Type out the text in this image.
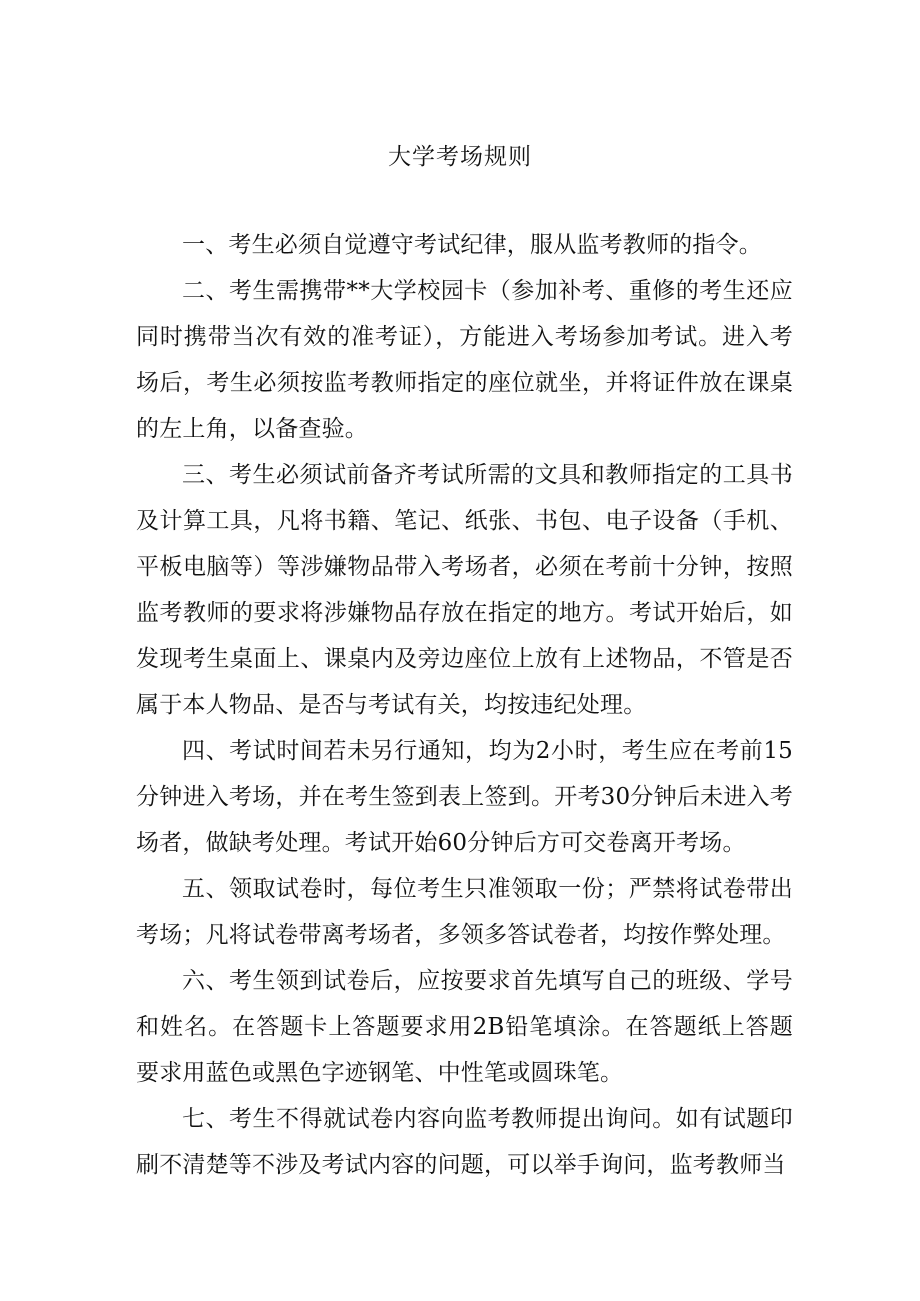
大学考场规则

一、考生必须自觉遵守考试纪律，服从监考教师的指令。

二、考生需携带**大学校园卡（参加补考、重修的考生还应同时携带当次有效的准考证），方能进入考场参加考试。进入考场后，考生必须按监考教师指定的座位就坐，并将证件放在课桌的左上角，以备查验。

三、考生必须试前备齐考试所需的文具和教师指定的工具书及计算工具，凡将书籍、笔记、纸张、书包、电子设备（手机、平板电脑等）等涉嫌物品带入考场者，必须在考前十分钟，按照监考教师的要求将涉嫌物品存放在指定的地方。考试开始后，如发现考生桌面上、课桌内及旁边座位上放有上述物品，不管是否属于本人物品、是否与考试有关，均按违纪处理。

四、考试时间若未另行通知，均为2小时，考生应在考前15分钟进入考场，并在考生签到表上签到。开考30分钟后未进入考场者，做缺考处理。考试开始60分钟后方可交卷离开考场。

五、领取试卷时，每位考生只准领取一份；严禁将试卷带出考场；凡将试卷带离考场者，多领多答试卷者，均按作弊处理。

六、考生领到试卷后，应按要求首先填写自己的班级、学号和姓名。在答题卡上答题要求用2B铅笔填涂。在答题纸上答题要求用蓝色或黑色字迹钢笔、中性笔或圆珠笔。

七、考生不得就试卷内容向监考教师提出询问。如有试题印刷不清楚等不涉及考试内容的问题，可以举手询问，监考教师当
